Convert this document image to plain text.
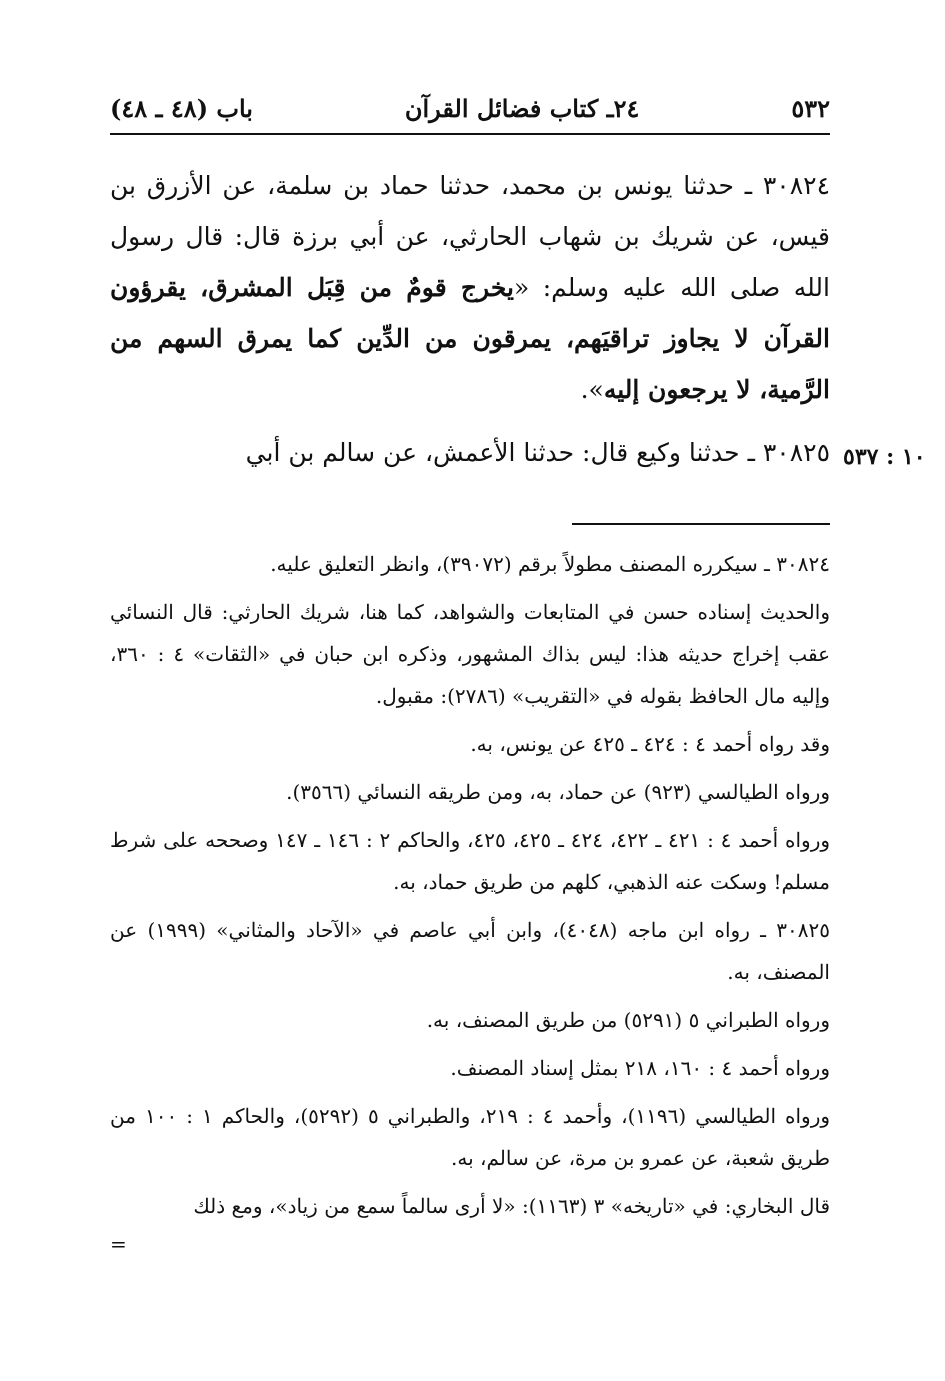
٥٣٢
٢٤ـ كتاب فضائل القرآن
باب (٤٨ ـ ٤٨)

٣٠٨٢٤ ـ حدثنا يونس بن محمد، حدثنا حماد بن سلمة، عن الأزرق بن قيس، عن شريك بن شهاب الحارثي، عن أبي برزة قال: قال رسول الله صلى الله عليه وسلم: «يخرج قومٌ من قِبَل المشرق، يقرؤون القرآن لا يجاوز تراقيَهم، يمرقون من الدِّين كما يمرق السهم من الرَّمية، لا يرجعون إليه».

٣٠٨٢٥ ـ حدثنا وكيع قال: حدثنا الأعمش، عن سالم بن أبي ١٠ : ٥٣٧

٣٠٨٢٤ ـ سيكرره المصنف مطولاً برقم (٣٩٠٧٢)، وانظر التعليق عليه.

والحديث إسناده حسن في المتابعات والشواهد، كما هنا، شريك الحارثي: قال النسائي عقب إخراج حديثه هذا: ليس بذاك المشهور، وذكره ابن حبان في «الثقات» ٤ : ٣٦٠، وإليه مال الحافظ بقوله في «التقريب» (٢٧٨٦): مقبول.

وقد رواه أحمد ٤ : ٤٢٤ ـ ٤٢٥ عن يونس، به.

ورواه الطيالسي (٩٢٣) عن حماد، به، ومن طريقه النسائي (٣٥٦٦).

ورواه أحمد ٤ : ٤٢١ ـ ٤٢٢، ٤٢٤ ـ ٤٢٥، ٤٢٥، والحاكم ٢ : ١٤٦ ـ ١٤٧ وصححه على شرط مسلم! وسكت عنه الذهبي، كلهم من طريق حماد، به.

٣٠٨٢٥ ـ رواه ابن ماجه (٤٠٤٨)، وابن أبي عاصم في «الآحاد والمثاني» (١٩٩٩) عن المصنف، به.

ورواه الطبراني ٥ (٥٢٩١) من طريق المصنف، به.

ورواه أحمد ٤ : ١٦٠، ٢١٨ بمثل إسناد المصنف.

ورواه الطيالسي (١١٩٦)، وأحمد ٤ : ٢١٩، والطبراني ٥ (٥٢٩٢)، والحاكم ١ : ١٠٠ من طريق شعبة، عن عمرو بن مرة، عن سالم، به.

قال البخاري: في «تاريخه» ٣ (١١٦٣): «لا أرى سالماً سمع من زياد»، ومع ذلك

=
